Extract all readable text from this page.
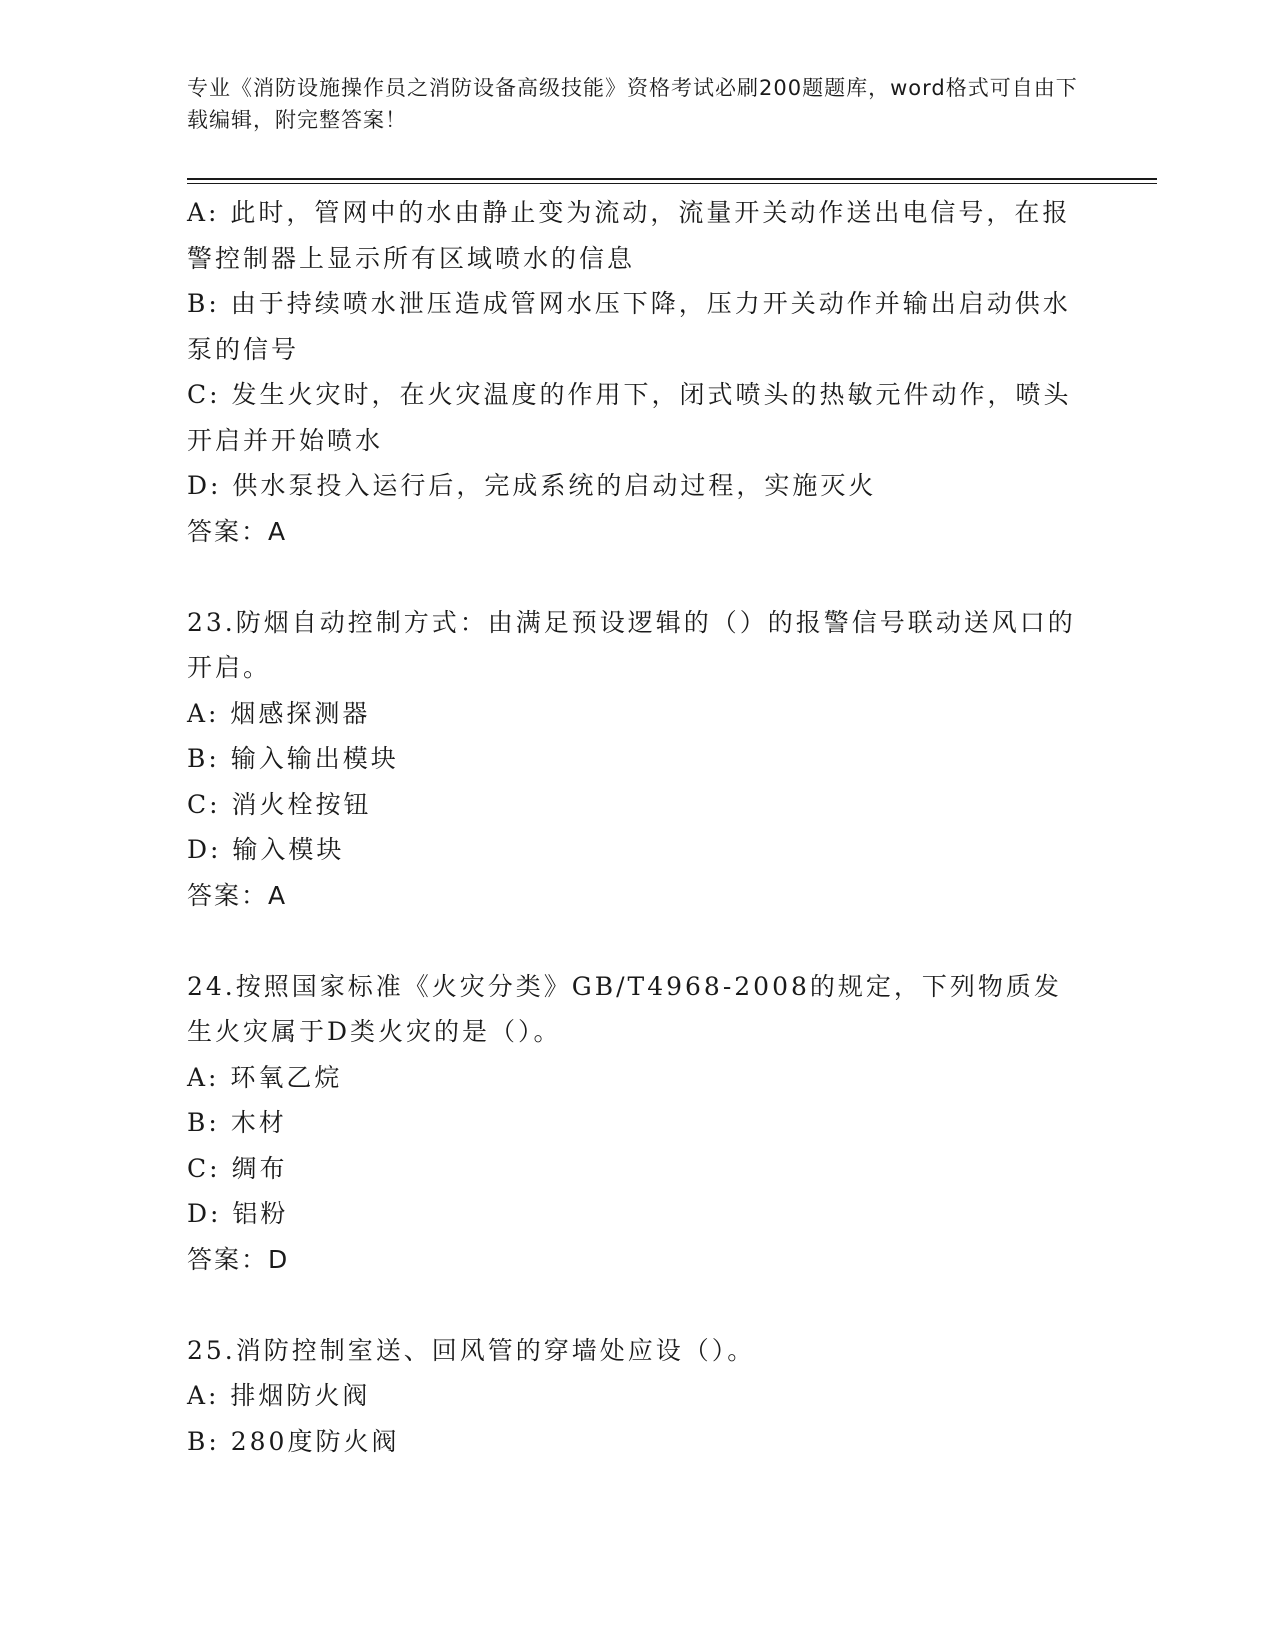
专业《消防设施操作员之消防设备高级技能》资格考试必刷200题题库，word格式可自由下载编辑，附完整答案！
A: 此时，管网中的水由静止变为流动，流量开关动作送出电信号，在报警控制器上显示所有区域喷水的信息
B: 由于持续喷水泄压造成管网水压下降，压力开关动作并输出启动供水泵的信号
C: 发生火灾时，在火灾温度的作用下，闭式喷头的热敏元件动作，喷头开启并开始喷水
D: 供水泵投入运行后，完成系统的启动过程，实施灭火
答案：A
23.防烟自动控制方式：由满足预设逻辑的（）的报警信号联动送风口的开启。
A: 烟感探测器
B: 输入输出模块
C: 消火栓按钮
D: 输入模块
答案：A
24.按照国家标准《火灾分类》GB/T4968-2008的规定，下列物质发生火灾属于D类火灾的是（）。
A: 环氧乙烷
B: 木材
C: 绸布
D: 铝粉
答案：D
25.消防控制室送、回风管的穿墙处应设（）。
A: 排烟防火阀
B: 280度防火阀
